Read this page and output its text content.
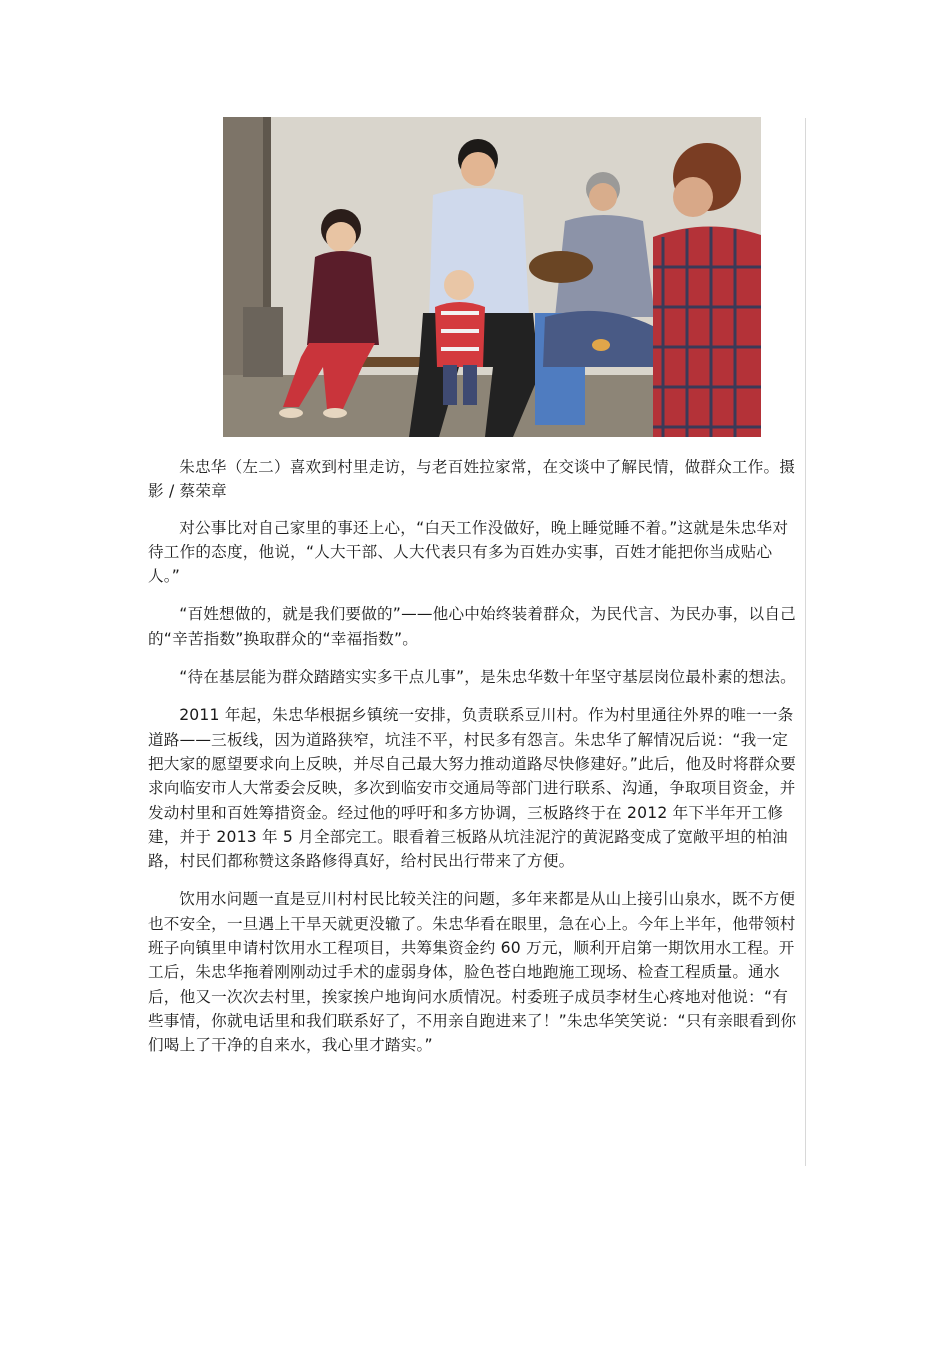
朱忠华（左二）喜欢到村里走访，与老百姓拉家常，在交谈中了解民情，做群众工作。摄影 / 蔡荣章

对公事比对自己家里的事还上心，“白天工作没做好，晚上睡觉睡不着。”这就是朱忠华对待工作的态度，他说，“人大干部、人大代表只有多为百姓办实事，百姓才能把你当成贴心人。”

“百姓想做的，就是我们要做的”——他心中始终装着群众，为民代言、为民办事，以自己的“辛苦指数”换取群众的“幸福指数”。

“待在基层能为群众踏踏实实多干点儿事”，是朱忠华数十年坚守基层岗位最朴素的想法。

2011 年起，朱忠华根据乡镇统一安排，负责联系豆川村。作为村里通往外界的唯一一条道路——三板线，因为道路狭窄，坑洼不平，村民多有怨言。朱忠华了解情况后说：“我一定把大家的愿望要求向上反映，并尽自己最大努力推动道路尽快修建好。”此后，他及时将群众要求向临安市人大常委会反映，多次到临安市交通局等部门进行联系、沟通，争取项目资金，并发动村里和百姓筹措资金。经过他的呼吁和多方协调，三板路终于在 2012 年下半年开工修建，并于 2013 年 5 月全部完工。眼看着三板路从坑洼泥泞的黄泥路变成了宽敞平坦的柏油路，村民们都称赞这条路修得真好，给村民出行带来了方便。

饮用水问题一直是豆川村村民比较关注的问题，多年来都是从山上接引山泉水，既不方便也不安全，一旦遇上干旱天就更没辙了。朱忠华看在眼里，急在心上。今年上半年，他带领村班子向镇里申请村饮用水工程项目，共筹集资金约 60 万元，顺利开启第一期饮用水工程。开工后，朱忠华拖着刚刚动过手术的虚弱身体，脸色苍白地跑施工现场、检查工程质量。通水后，他又一次次去村里，挨家挨户地询问水质情况。村委班子成员李材生心疼地对他说：“有些事情，你就电话里和我们联系好了，不用亲自跑进来了！”朱忠华笑笑说：“只有亲眼看到你们喝上了干净的自来水，我心里才踏实。”
